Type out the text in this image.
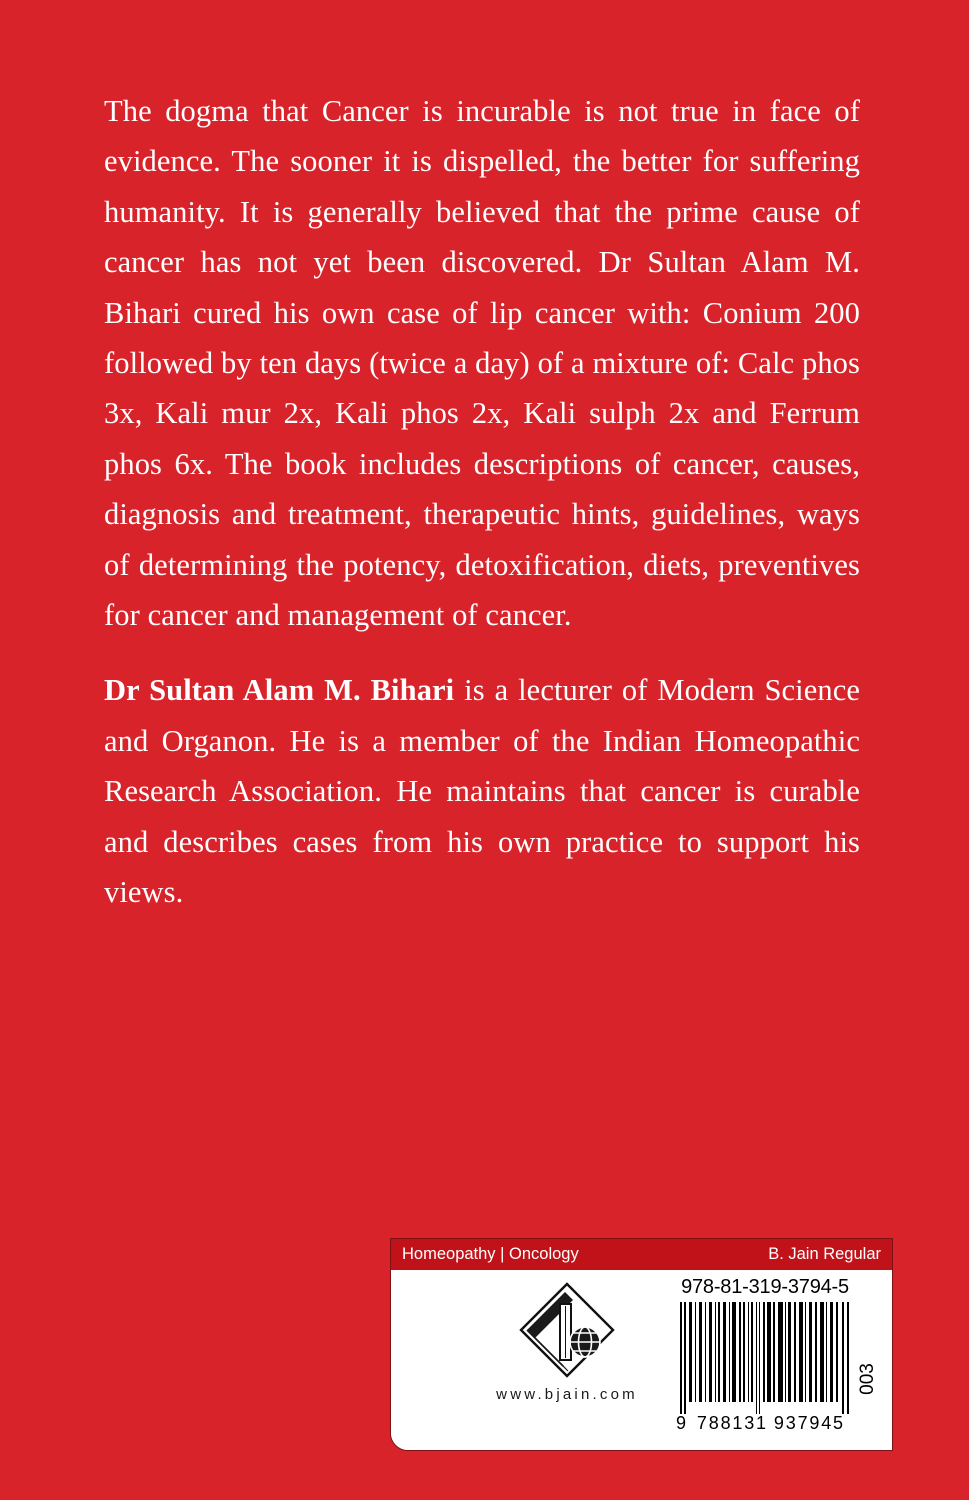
The dogma that Cancer is incurable is not true in face of evidence. The sooner it is dispelled, the better for suffering humanity. It is generally believed that the prime cause of cancer has not yet been discovered. Dr Sultan Alam M. Bihari cured his own case of lip cancer with: Conium 200 followed by ten days (twice a day) of a mixture of: Calc phos 3x, Kali mur 2x, Kali phos 2x, Kali sulph 2x and Ferrum phos 6x. The book includes descriptions of cancer, causes, diagnosis and treatment, therapeutic hints, guidelines, ways of determining the potency, detoxification, diets, preventives for cancer and management of cancer.

Dr Sultan Alam M. Bihari is a lecturer of Modern Science and Organon. He is a member of the Indian Homeopathic Research Association. He maintains that cancer is curable and describes cases from his own practice to support his views.

Homeopathy | Oncology	B. Jain Regular
www.bjain.com
978-81-319-3794-5
9 7 8 8 1 3 1 9 3 7 9 4 5
003
